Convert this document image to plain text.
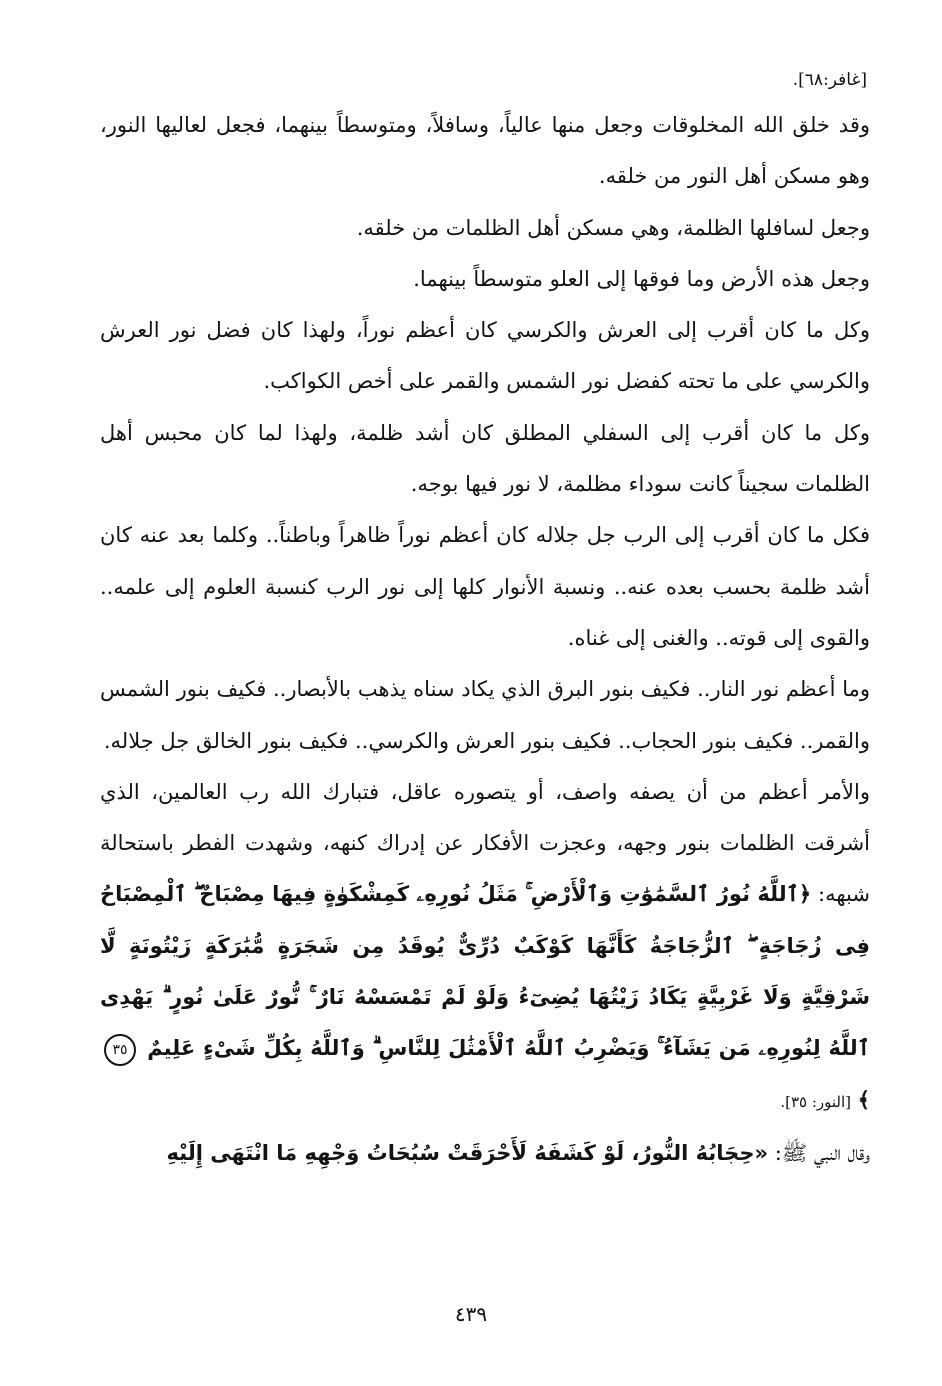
[غافر:٦٨].

وقد خلق الله المخلوقات وجعل منها عالياً، وسافلاً، ومتوسطاً بينهما، فجعل لعاليها النور، وهو مسكن أهل النور من خلقه.

وجعل لسافلها الظلمة، وهي مسكن أهل الظلمات من خلقه.

وجعل هذه الأرض وما فوقها إلى العلو متوسطاً بينهما.

وكل ما كان أقرب إلى العرش والكرسي كان أعظم نوراً، ولهذا كان فضل نور العرش والكرسي على ما تحته كفضل نور الشمس والقمر على أخص الكواكب.

وكل ما كان أقرب إلى السفلي المطلق كان أشد ظلمة، ولهذا لما كان محبس أهل الظلمات سجيناً كانت سوداء مظلمة، لا نور فيها بوجه.

فكل ما كان أقرب إلى الرب جل جلاله كان أعظم نوراً ظاهراً وباطناً.. وكلما بعد عنه كان أشد ظلمة بحسب بعده عنه.. ونسبة الأنوار كلها إلى نور الرب كنسبة العلوم إلى علمه.. والقوى إلى قوته.. والغنى إلى غناه.

وما أعظم نور النار.. فكيف بنور البرق الذي يكاد سناه يذهب بالأبصار.. فكيف بنور الشمس والقمر.. فكيف بنور الحجاب.. فكيف بنور العرش والكرسي.. فكيف بنور الخالق جل جلاله.

والأمر أعظم من أن يصفه واصف، أو يتصوره عاقل، فتبارك الله رب العالمين، الذي أشرقت الظلمات بنور وجهه، وعجزت الأفكار عن إدراك كنهه، وشهدت الفطر باستحالة شبهه: ﴿ٱللَّهُ نُورُ ٱلسَّمَٰوَٰتِ وَٱلْأَرْضِ ۚ مَثَلُ نُورِهِۦ كَمِشْكَوٰةٍ فِيهَا مِصْبَاحٌ ۖ ٱلْمِصْبَاحُ فِى زُجَاجَةٍ ۖ ٱلزُّجَاجَةُ كَأَنَّهَا كَوْكَبٌ دُرِّىٌّ يُوقَدُ مِن شَجَرَةٍ مُّبَٰرَكَةٍ زَيْتُونَةٍ لَّا شَرْقِيَّةٍ وَلَا غَرْبِيَّةٍ يَكَادُ زَيْتُهَا يُضِىٓءُ وَلَوْ لَمْ تَمْسَسْهُ نَارٌ ۚ نُّورٌ عَلَىٰ نُورٍ ۗ يَهْدِى ٱللَّهُ لِنُورِهِۦ مَن يَشَآءُ ۚ وَيَضْرِبُ ٱللَّهُ ٱلْأَمْثَٰلَ لِلنَّاسِ ۗ وَٱللَّهُ بِكُلِّ شَىْءٍ عَلِيمٌ ٣٥﴾ [النور: ٣٥].

وقال النبي ﷺ: «حِجَابُهُ النُّورُ، لَوْ كَشَفَهُ لَأَحْرَقَتْ سُبُحَاتُ وَجْهِهِ مَا انْتَهَى إِلَيْهِ

٤٣٩
